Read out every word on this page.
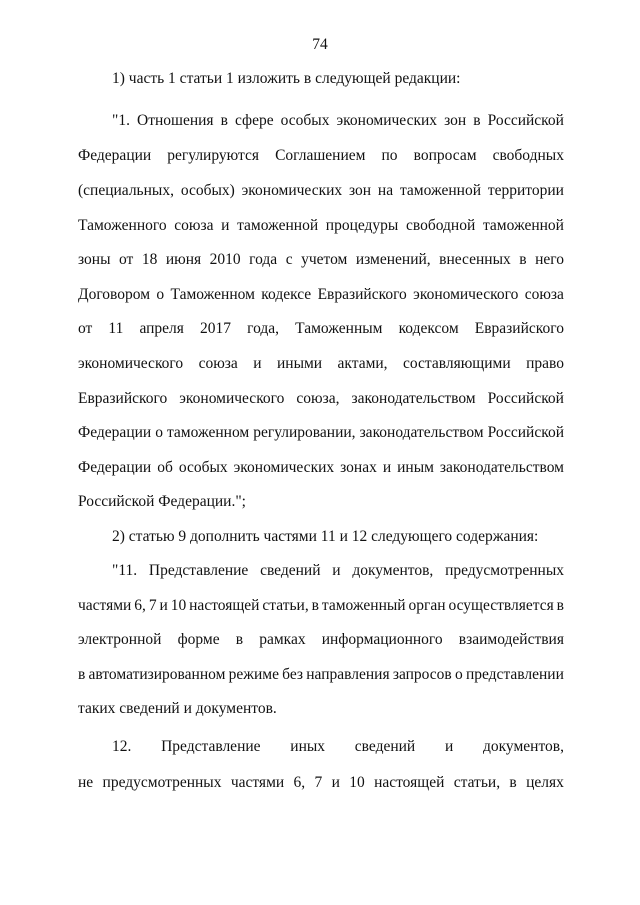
74
1) часть 1 статьи 1 изложить в следующей редакции:
"1. Отношения в сфере особых экономических зон в Российской
Федерации регулируются Соглашением по вопросам свободных
(специальных, особых) экономических зон на таможенной территории
Таможенного союза и таможенной процедуры свободной таможенной
зоны от 18 июня 2010 года с учетом изменений, внесенных в него
Договором о Таможенном кодексе Евразийского экономического союза
от 11 апреля 2017 года, Таможенным кодексом Евразийского
экономического союза и иными актами, составляющими право
Евразийского экономического союза, законодательством Российской
Федерации о таможенном регулировании, законодательством Российской
Федерации об особых экономических зонах и иным законодательством
Российской Федерации.";
2) статью 9 дополнить частями 11 и 12 следующего содержания:
"11. Представление сведений и документов, предусмотренных
частями 6, 7 и 10 настоящей статьи, в таможенный орган осуществляется в
электронной форме в рамках информационного взаимодействия
в автоматизированном режиме без направления запросов о представлении
таких сведений и документов.
12. Представление иных сведений и документов,
не предусмотренных частями 6, 7 и 10 настоящей статьи, в целях
